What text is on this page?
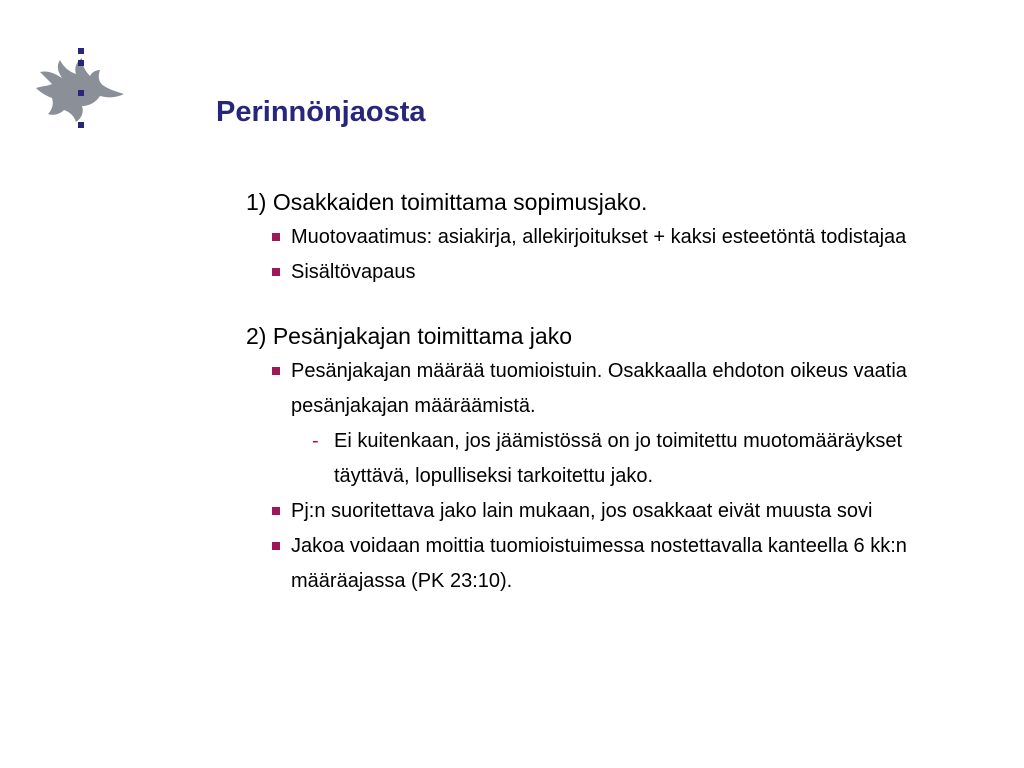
Perinnönjaosta
1) Osakkaiden toimittama sopimusjako.
Muotovaatimus: asiakirja, allekirjoitukset + kaksi esteetöntä todistajaa
Sisältövapaus
2) Pesänjakajan toimittama jako
Pesänjakajan määrää tuomioistuin. Osakkaalla ehdoton oikeus vaatia pesänjakajan määräämistä.
- Ei kuitenkaan, jos jäämistössä on jo toimitettu muotomääräykset täyttävä, lopulliseksi tarkoitettu jako.
Pj:n suoritettava jako lain mukaan, jos osakkaat eivät muusta sovi
Jakoa voidaan moittia tuomioistuimessa nostettavalla kanteella 6 kk:n määräajassa (PK 23:10).
